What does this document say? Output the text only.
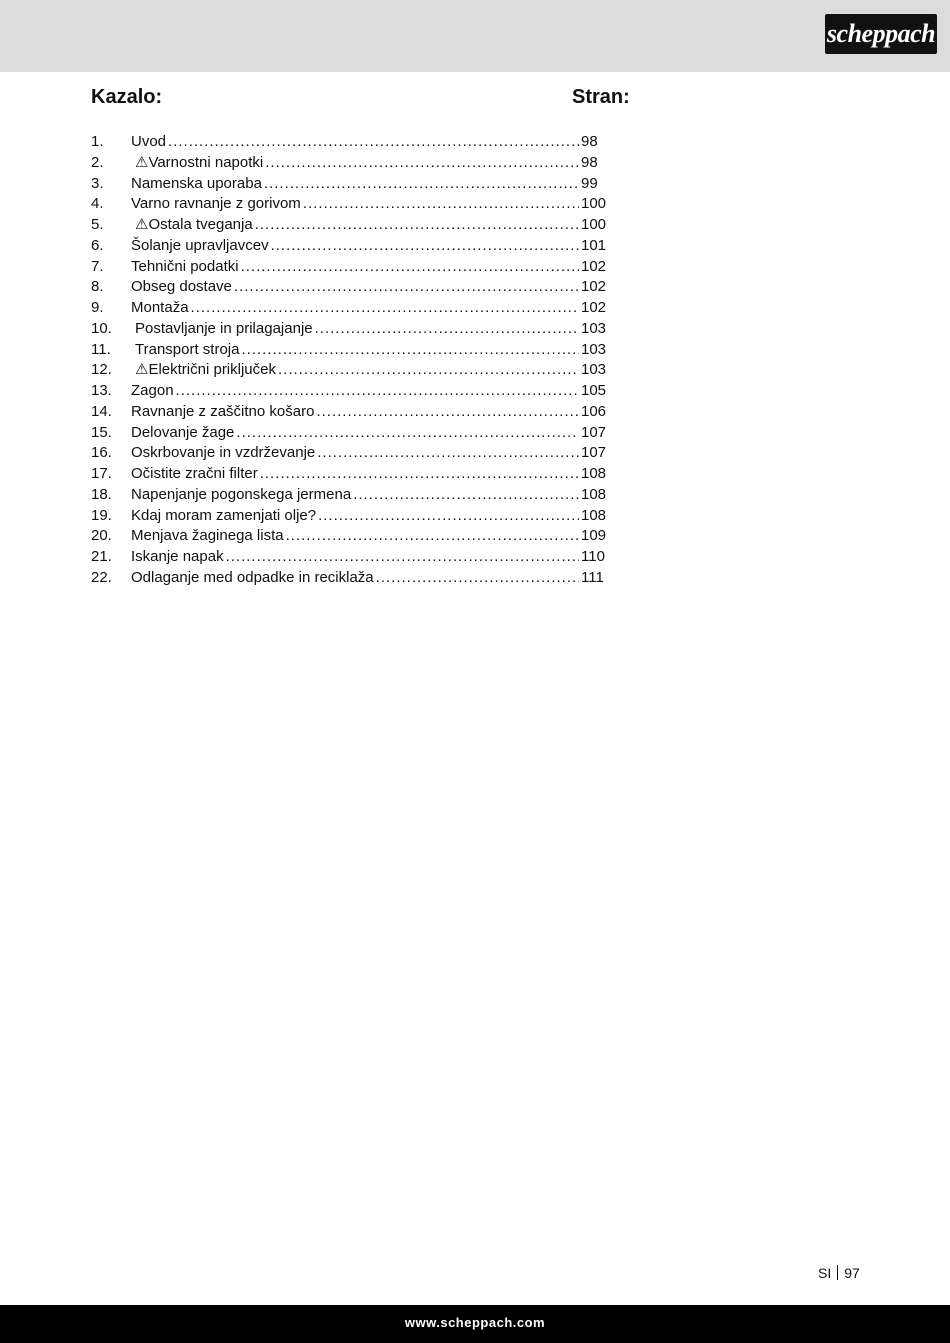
scheppach
Kazalo:	Stran:
1.	Uvod .....	98
2.	⚠ Varnostni napotki .....	98
3.	Namenska uporaba .....	99
4.	Varno ravnanje z gorivom .....	100
5.	⚠ Ostala tveganja .....	100
6.	Šolanje upravljavcev .....	101
7.	Tehnični podatki .....	102
8.	Obseg dostave .....	102
9.	Montaža .....	102
10.	Postavljanje in prilagajanje .....	103
11.	Transport stroja .....	103
12.	⚠ Električni priključek .....	103
13.	Zagon .....	105
14.	Ravnanje z zaščitno košaro .....	106
15.	Delovanje žage .....	107
16.	Oskrbovanje in vzdrževanje .....	107
17.	Očistite zračni filter .....	108
18.	Napenjanje pogonskega jermena .....	108
19.	Kdaj moram zamenjati olje? .....	108
20.	Menjava žaginega lista .....	109
21.	Iskanje napak .....	110
22.	Odlaganje med odpadke in reciklaža .....	111
SI 97
www.scheppach.com
